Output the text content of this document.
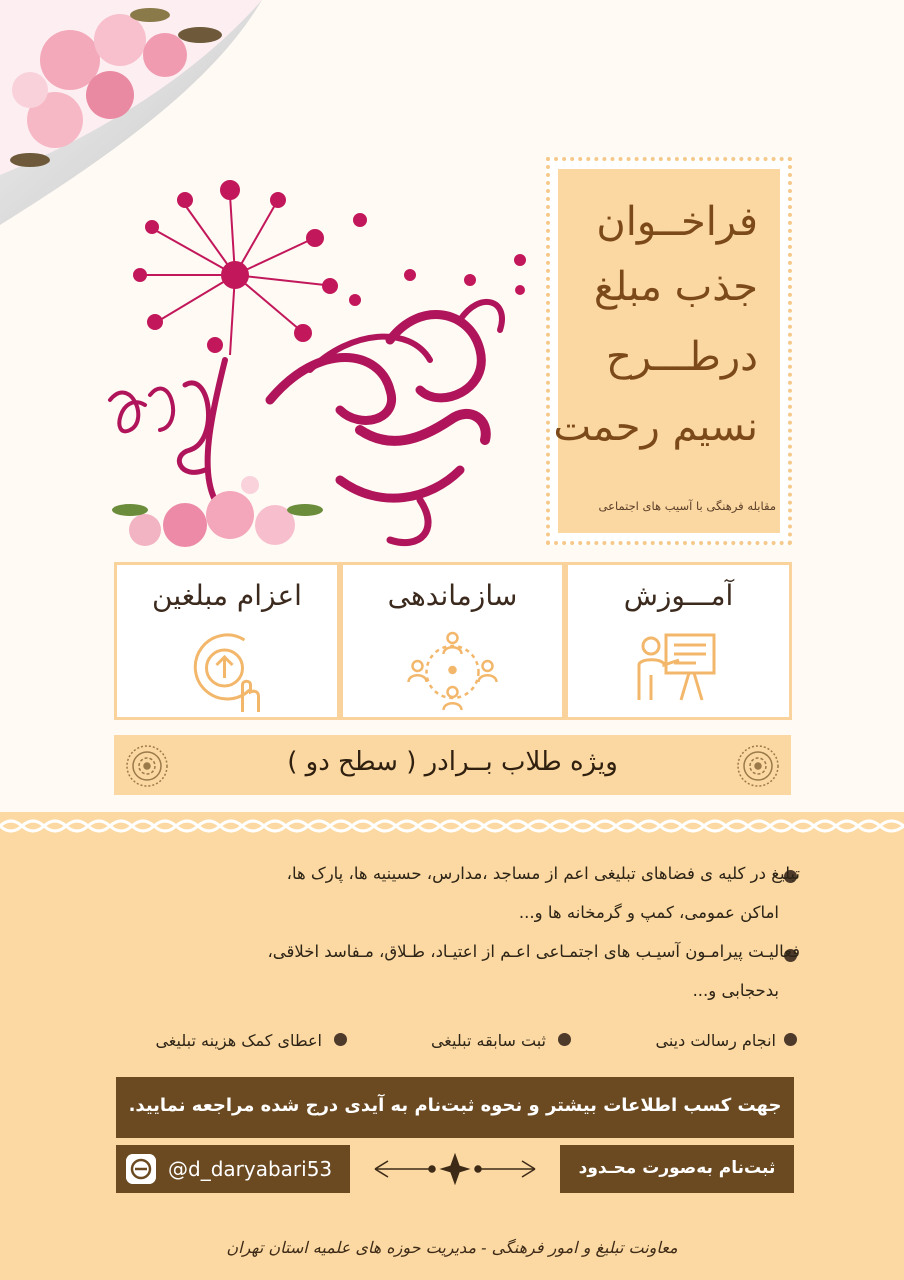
فراخــوان
جذب مبلغ
درطـــرح
نسیم رحمت
مقابله فرهنگی با آسیب های اجتماعی
آمـــوزش
سازماندهی
اعزام مبلغین
ویژه طلاب بــرادر ( سطح دو )
تبلیغ در کلیه ی فضاهای تبلیغی اعم از مساجد ،مدارس، حسینیه ها، پارک ها،
اماکن عمومی، کمپ و گرمخانه ها و...
فعالیـت پیرامـون آسیـب های اجتمـاعی اعـم از اعتیـاد، طـلاق، مـفاسد اخلاقی،
بدحجابی و...
انجام رسالت دینی
ثبت سابقه تبلیغی
اعطای کمک هزینه تبلیغی
جهت کسب اطلاعات بیشتر و نحوه ثبت‌نام به آیدی درج شده مراجعه نمایید.
ثبت‌نام به‌صورت محـدود
@d_daryabari53
معاونت تبلیغ و امور فرهنگی - مدیریت حوزه های علمیه استان تهران
